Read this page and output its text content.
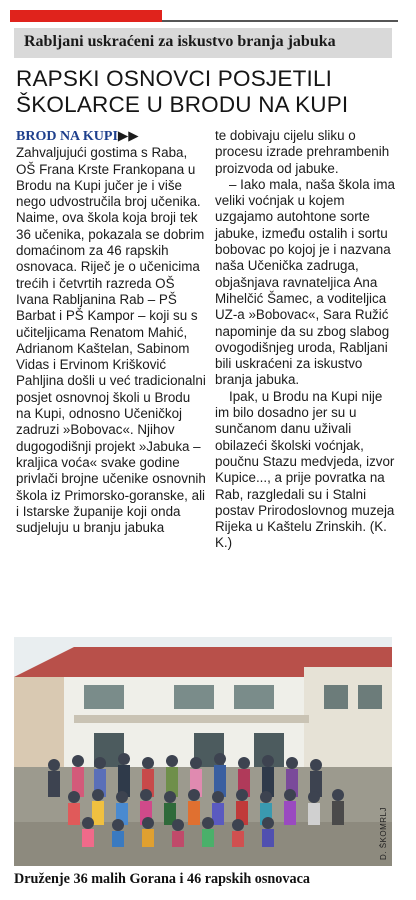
Rabljani uskraćeni za iskustvo branja jabuka
RAPSKI OSNOVCI POSJETILI ŠKOLARCE U BRODU NA KUPI
BROD NA KUPI▶▶

Zahvaljujući gostima s Raba, OŠ Frana Krste Frankopana u Brodu na Kupi jučer je i više nego udvostručila broj učenika. Naime, ova škola koja broji tek 36 učenika, pokazala se dobrim domaćinom za 46 rapskih osnovaca. Riječ je o učenicima trećih i četvrtih razreda OŠ Ivana Rabljanina Rab – PŠ Barbat i PŠ Kampor – koji su s učiteljicama Renatom Mahić, Adrianom Kaštelan, Sabinom Vidas i Ervinom Krišković Pahljina došli u već tradicionalni posjet osnovnoj školi u Brodu na Kupi, odnosno Učeničkoj zadruzi »Bobovac«. Njihov dugogodišnji projekt »Jabuka – kraljica voća« svake godine privlači brojne učenike osnovnih škola iz Primorsko-goranske, ali i Istarske županije koji onda sudjeluju u branju jabuka

te dobivaju cijelu sliku o procesu izrade prehrambenih proizvoda od jabuke.

– Iako mala, naša škola ima veliki voćnjak u kojem uzgajamo autohtone sorte jabuke, između ostalih i sortu bobovac po kojoj je i nazvana naša Učenička zadruga, objašnjava ravnateljica Ana Mihelčić Šamec, a voditeljica UZ-a »Bobovac«, Sara Ružić napominje da su zbog slabog ovogodišnjeg uroda, Rabljani bili uskraćeni za iskustvo branja jabuka.

Ipak, u Brodu na Kupi nije im bilo dosadno jer su u sunčanom danu uživali obilazeći školski voćnjak, poučnu Stazu medvjeda, izvor Kupice..., a prije povratka na Rab, razgledali su i Stalni postav Prirodoslovnog muzeja Rijeka u Kaštelu Zrinskih. (K. K.)

D. ŠKOMRLJ
Druženje 36 malih Gorana i 46 rapskih osnovaca
